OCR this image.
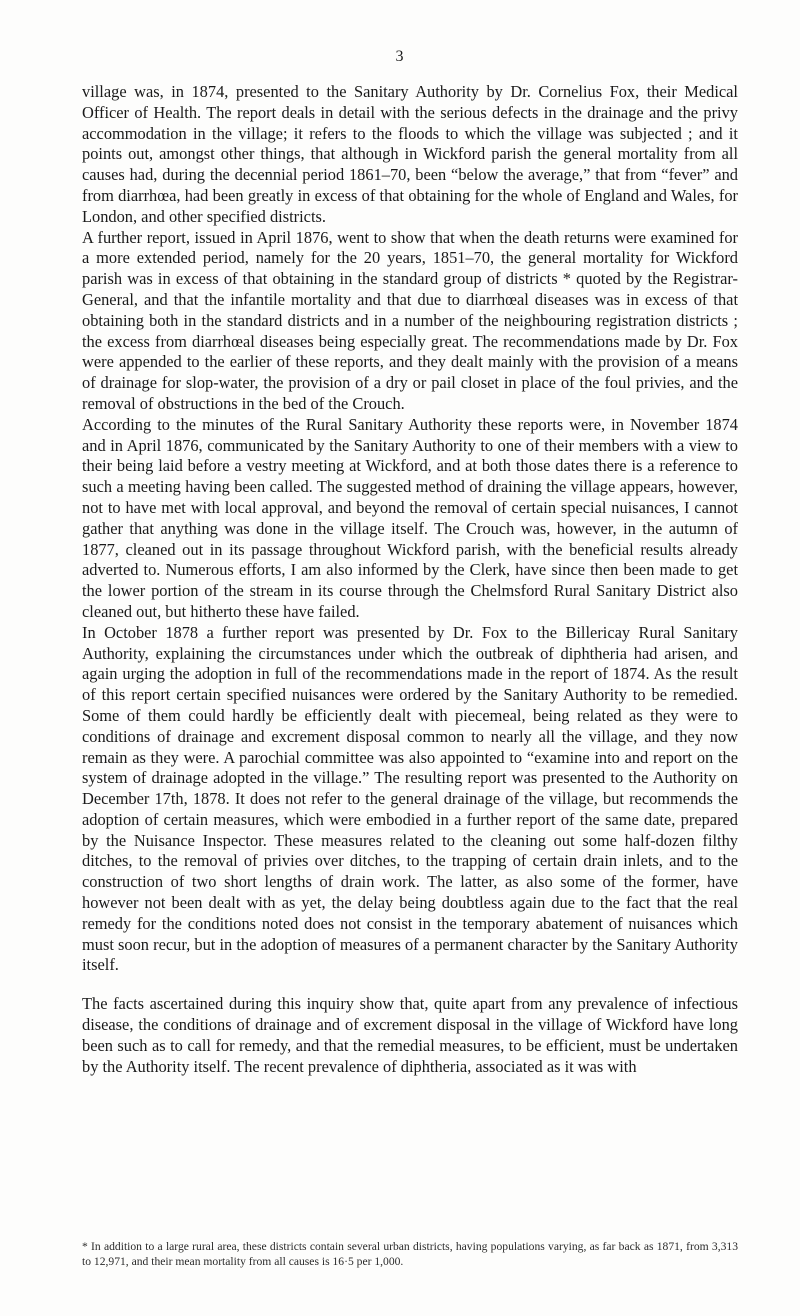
3

village was, in 1874, presented to the Sanitary Authority by Dr. Cornelius Fox, their Medical Officer of Health. The report deals in detail with the serious defects in the drainage and the privy accommodation in the village; it refers to the floods to which the village was subjected ; and it points out, amongst other things, that although in Wickford parish the general mortality from all causes had, during the decennial period 1861–70, been “below the average,” that from “fever” and from diarrhœa, had been greatly in excess of that obtaining for the whole of England and Wales, for London, and other specified districts.

A further report, issued in April 1876, went to show that when the death returns were examined for a more extended period, namely for the 20 years, 1851–70, the general mortality for Wickford parish was in excess of that obtaining in the standard group of districts * quoted by the Registrar-General, and that the infantile mortality and that due to diarrhœal diseases was in excess of that obtaining both in the standard districts and in a number of the neighbouring registration districts ; the excess from diarrhœal diseases being especially great. The recommendations made by Dr. Fox were appended to the earlier of these reports, and they dealt mainly with the provision of a means of drainage for slop-water, the provision of a dry or pail closet in place of the foul privies, and the removal of obstructions in the bed of the Crouch.

According to the minutes of the Rural Sanitary Authority these reports were, in November 1874 and in April 1876, communicated by the Sanitary Authority to one of their members with a view to their being laid before a vestry meeting at Wickford, and at both those dates there is a reference to such a meeting having been called. The suggested method of draining the village appears, however, not to have met with local approval, and beyond the removal of certain special nuisances, I cannot gather that anything was done in the village itself. The Crouch was, however, in the autumn of 1877, cleaned out in its passage throughout Wickford parish, with the beneficial results already adverted to. Numerous efforts, I am also informed by the Clerk, have since then been made to get the lower portion of the stream in its course through the Chelmsford Rural Sanitary District also cleaned out, but hitherto these have failed.

In October 1878 a further report was presented by Dr. Fox to the Billericay Rural Sanitary Authority, explaining the circumstances under which the outbreak of diphtheria had arisen, and again urging the adoption in full of the recommendations made in the report of 1874. As the result of this report certain specified nuisances were ordered by the Sanitary Authority to be remedied. Some of them could hardly be efficiently dealt with piecemeal, being related as they were to conditions of drainage and excrement disposal common to nearly all the village, and they now remain as they were. A parochial committee was also appointed to “examine into and report on the system of drainage adopted in the village.” The resulting report was presented to the Authority on December 17th, 1878. It does not refer to the general drainage of the village, but recommends the adoption of certain measures, which were embodied in a further report of the same date, prepared by the Nuisance Inspector. These measures related to the cleaning out some half-dozen filthy ditches, to the removal of privies over ditches, to the trapping of certain drain inlets, and to the construction of two short lengths of drain work. The latter, as also some of the former, have however not been dealt with as yet, the delay being doubtless again due to the fact that the real remedy for the conditions noted does not consist in the temporary abatement of nuisances which must soon recur, but in the adoption of measures of a permanent character by the Sanitary Authority itself.

The facts ascertained during this inquiry show that, quite apart from any prevalence of infectious disease, the conditions of drainage and of excrement disposal in the village of Wickford have long been such as to call for remedy, and that the remedial measures, to be efficient, must be undertaken by the Authority itself. The recent prevalence of diphtheria, associated as it was with

* In addition to a large rural area, these districts contain several urban districts, having populations varying, as far back as 1871, from 3,313 to 12,971, and their mean mortality from all causes is 16·5 per 1,000.
